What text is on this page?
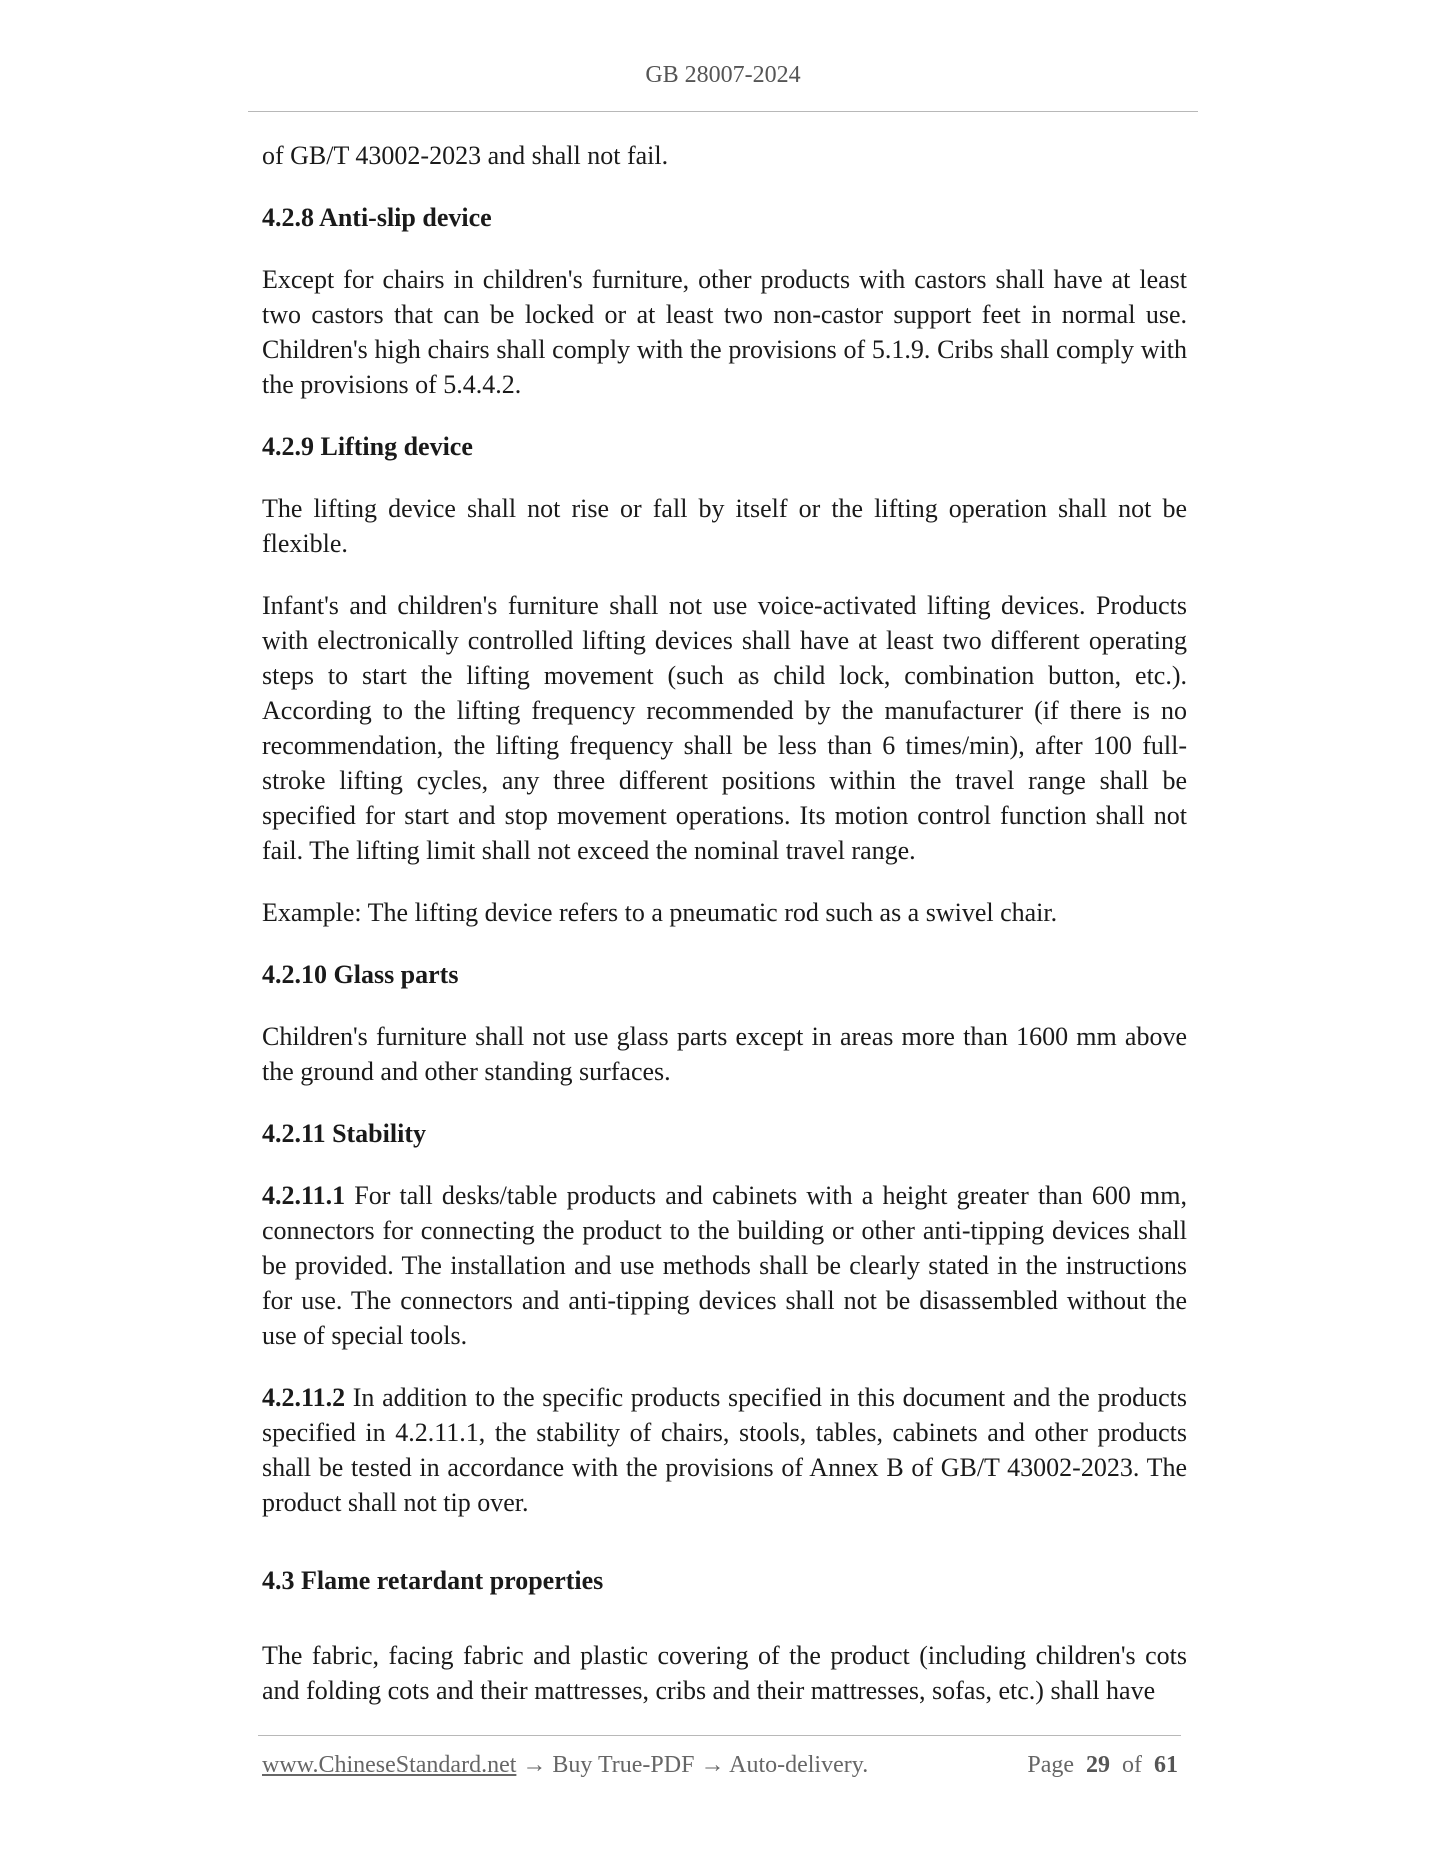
GB 28007-2024

of GB/T 43002-2023 and shall not fail.

4.2.8 Anti-slip device

Except for chairs in children's furniture, other products with castors shall have at least two castors that can be locked or at least two non-castor support feet in normal use. Children's high chairs shall comply with the provisions of 5.1.9. Cribs shall comply with the provisions of 5.4.4.2.

4.2.9 Lifting device

The lifting device shall not rise or fall by itself or the lifting operation shall not be flexible.

Infant's and children's furniture shall not use voice-activated lifting devices. Products with electronically controlled lifting devices shall have at least two different operating steps to start the lifting movement (such as child lock, combination button, etc.). According to the lifting frequency recommended by the manufacturer (if there is no recommendation, the lifting frequency shall be less than 6 times/min), after 100 full-stroke lifting cycles, any three different positions within the travel range shall be specified for start and stop movement operations. Its motion control function shall not fail. The lifting limit shall not exceed the nominal travel range.

Example: The lifting device refers to a pneumatic rod such as a swivel chair.

4.2.10 Glass parts

Children's furniture shall not use glass parts except in areas more than 1600 mm above the ground and other standing surfaces.

4.2.11 Stability

4.2.11.1 For tall desks/table products and cabinets with a height greater than 600 mm, connectors for connecting the product to the building or other anti-tipping devices shall be provided. The installation and use methods shall be clearly stated in the instructions for use. The connectors and anti-tipping devices shall not be disassembled without the use of special tools.

4.2.11.2 In addition to the specific products specified in this document and the products specified in 4.2.11.1, the stability of chairs, stools, tables, cabinets and other products shall be tested in accordance with the provisions of Annex B of GB/T 43002-2023. The product shall not tip over.

4.3 Flame retardant properties

The fabric, facing fabric and plastic covering of the product (including children's cots and folding cots and their mattresses, cribs and their mattresses, sofas, etc.) shall have

www.ChineseStandard.net → Buy True-PDF → Auto-delivery.	Page 29 of 61
